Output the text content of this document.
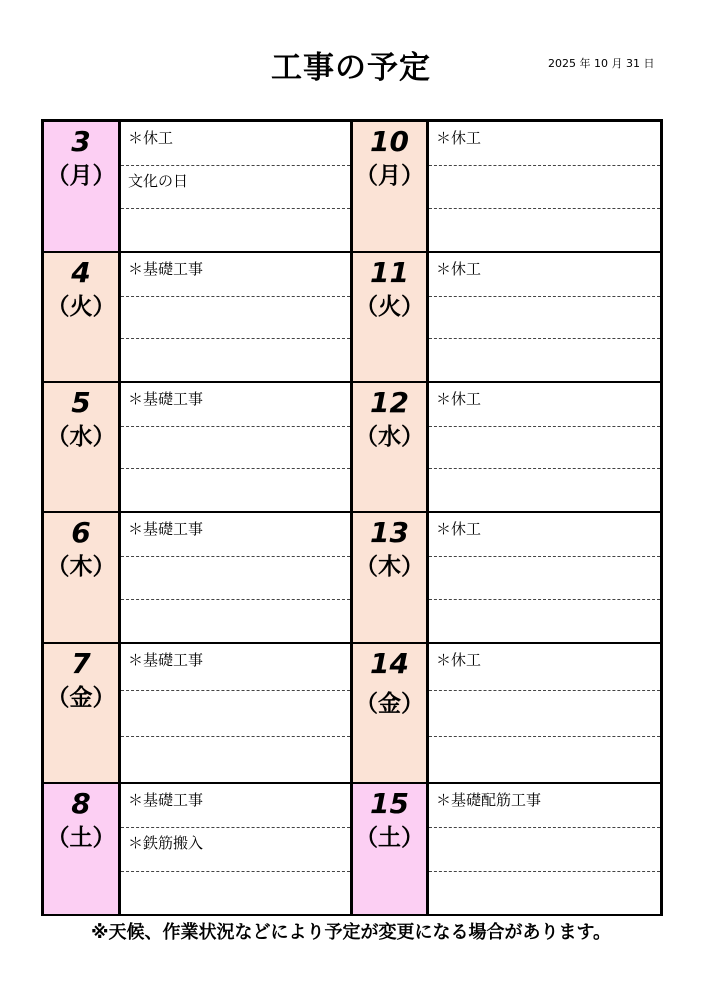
工事の予定	2025 年 10 月 31 日
3
（月）
＊休工
文化の日
4
（火）
＊基礎工事
5
（水）
＊基礎工事
6
（木）
＊基礎工事
7
（金）
＊基礎工事
8
（土）
＊基礎工事
＊鉄筋搬入
10
（月）
＊休工
11
（火）
＊休工
12
（水）
＊休工
13
（木）
＊休工
14
（金）
＊休工
15
（土）
＊基礎配筋工事
※天候、作業状況などにより予定が変更になる場合があります。
